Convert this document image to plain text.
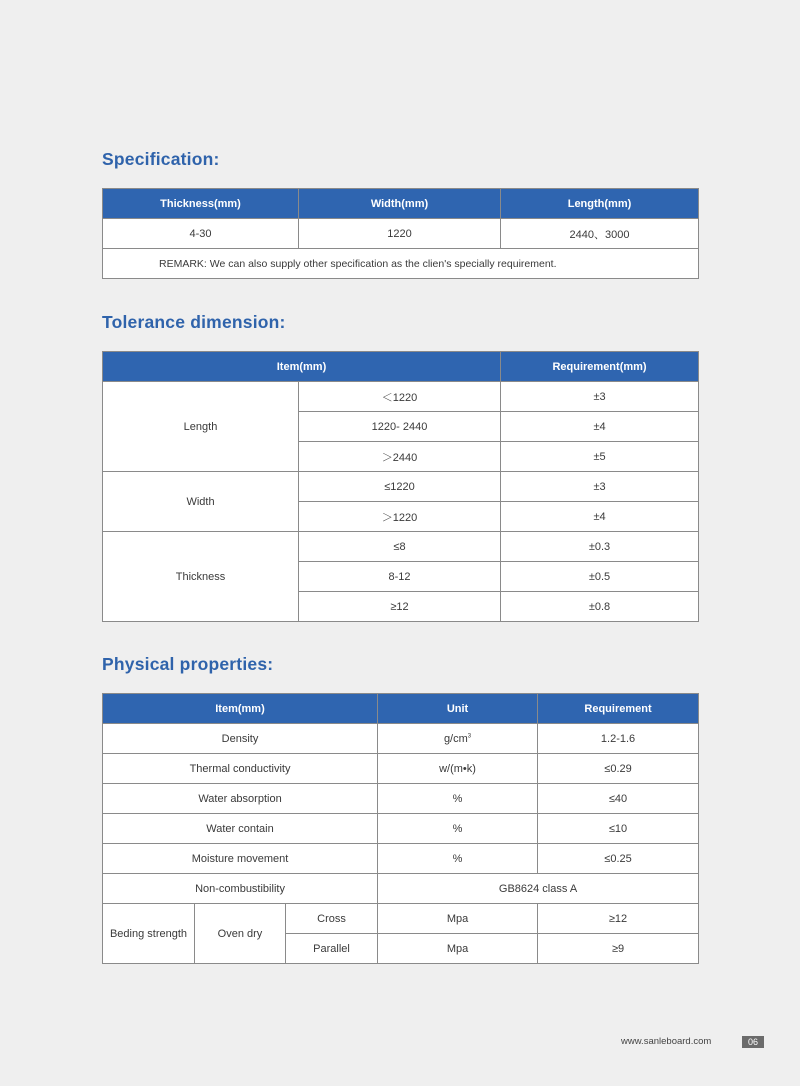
Specification:
Thickness(mm)	Width(mm)	Length(mm)
4-30	1220	2440、3000
REMARK: We can also supply other specification as the clien's specially requirement.		
Tolerance dimension:
Item(mm)		Requirement(mm)
Length	＜1220	±3
	1220- 2440	±4
	＞2440	±5
Width	≤1220	±3
	＞1220	±4
Thickness	≤8	±0.3
	8-12	±0.5
	≥12	±0.8
Physical properties:
Item(mm)			Unit	Requirement
Density			$g/cm^3$	1.2-1.6
Thermal conductivity			w/(m•k)	≤0.29
Water absorption			%	≤40
Water contain			%	≤10
Moisture movement			%	≤0.25
Non-combustibility			GB8624 class A	
Beding strength	Oven dry	Cross	Mpa	≥12
		Parallel	Mpa	≥9
www.sanleboard.com	06
